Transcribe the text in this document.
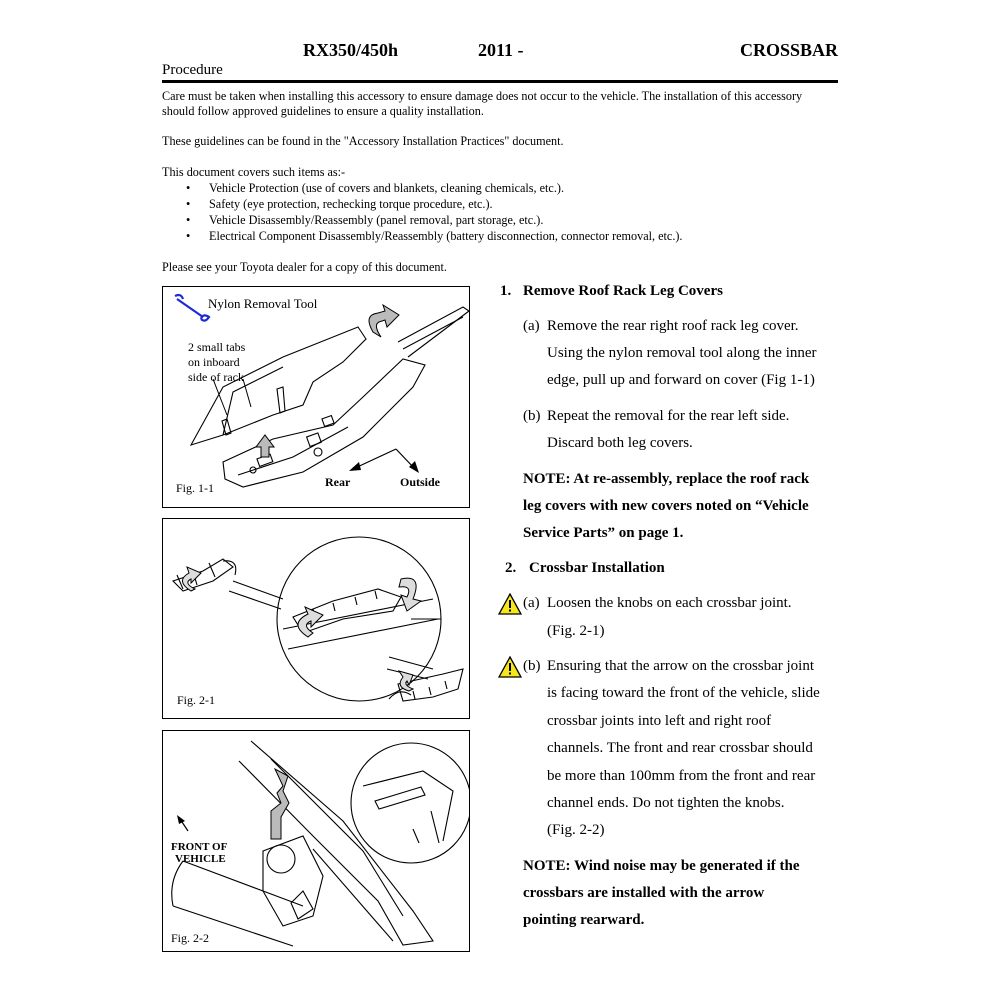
RX350/450h	2011 -	CROSSBAR
Procedure
Care must be taken when installing this accessory to ensure damage does not occur to the vehicle. The installation of this accessory should follow approved guidelines to ensure a quality installation.
These guidelines can be found in the "Accessory Installation Practices" document.
This document covers such items as:-
• Vehicle Protection (use of covers and blankets, cleaning chemicals, etc.).
• Safety (eye protection, rechecking torque procedure, etc.).
• Vehicle Disassembly/Reassembly (panel removal, part storage, etc.).
• Electrical Component Disassembly/Reassembly (battery disconnection, connector removal, etc.).
Please see your Toyota dealer for a copy of this document.
Nylon Removal Tool
2 small tabs
on inboard
side of rack
Rear	Outside
Fig. 1-1
Fig. 2-1
FRONT OF
VEHICLE
Fig. 2-2
1. Remove Roof Rack Leg Covers
(a) Remove the rear right roof rack leg cover.
Using the nylon removal tool along the inner
edge, pull up and forward on cover (Fig 1-1)
(b) Repeat the removal for the rear left side.
Discard both leg covers.
NOTE: At re-assembly, replace the roof rack
leg covers with new covers noted on “Vehicle
Service Parts” on page 1.
2. Crossbar Installation
(a) Loosen the knobs on each crossbar joint.
(Fig. 2-1)
(b) Ensuring that the arrow on the crossbar joint
is facing toward the front of the vehicle, slide
crossbar joints into left and right roof
channels. The front and rear crossbar should
be more than 100mm from the front and rear
channel ends. Do not tighten the knobs.
(Fig. 2-2)
NOTE: Wind noise may be generated if the
crossbars are installed with the arrow
pointing rearward.
